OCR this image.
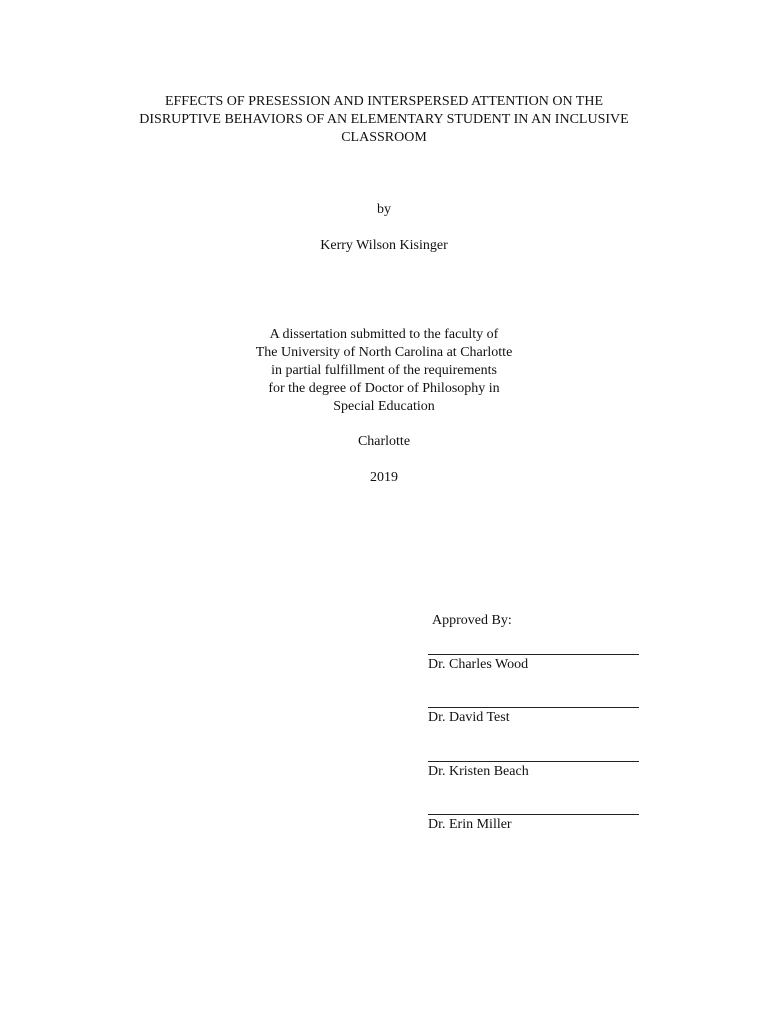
EFFECTS OF PRESESSION AND INTERSPERSED ATTENTION ON THE
DISRUPTIVE BEHAVIORS OF AN ELEMENTARY STUDENT IN AN INCLUSIVE
CLASSROOM
by
Kerry Wilson Kisinger
A dissertation submitted to the faculty of
The University of North Carolina at Charlotte
in partial fulfillment of the requirements
for the degree of Doctor of Philosophy in
Special Education
Charlotte
2019
Approved By:
Dr. Charles Wood
Dr. David Test
Dr. Kristen Beach
Dr. Erin Miller
